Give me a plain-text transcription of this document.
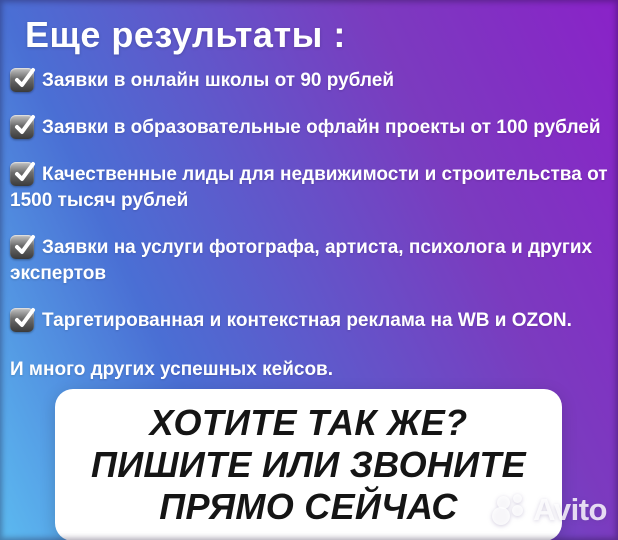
Еще результаты :
Заявки в онлайн школы от 90 рублей
Заявки в образовательные офлайн проекты от 100 рублей
Качественные лиды для недвижимости и строительства от 1500 тысяч рублей
Заявки на услуги фотографа, артиста, психолога и других экспертов
Таргетированная и контекстная реклама на WB и OZON.

И много других успешных кейсов.

ХОТИТЕ ТАК ЖЕ?
ПИШИТЕ ИЛИ ЗВОНИТЕ
ПРЯМО СЕЙЧАС Avito
